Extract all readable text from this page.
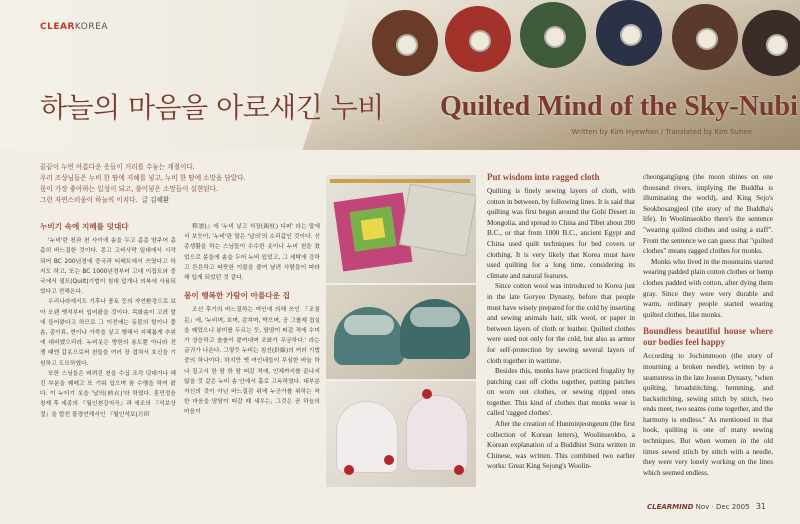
CLEARKOREA
하늘의 마음을 아로새긴 누비 Quilted Mind of the Sky-Nubi
Written by Kim Hyewhan / Translated by Kim Suhee
끝끝이 누빈 아름다운 옷들이 거리를 수놓는 계절이다.
우리 조상님들은 누비 한 땀에 지혜를 넣고, 누비 한 땀에 소망을 담았다.
몸이 가장 좋아하는 입성이 되고, 불어넣은 소망들이 실현된다.
그런 자연스러움이 하늘의 이치다. 글 김혜환
누비기 속에 지혜를 덧대다

'누비'란 천과 천 사이에 솜을 두고 촘촘 땀주어 촘촘히 바느질한 것이다. 몽고 고비사막 일대에서 시작되어 BC 200년경에 중국과 티베트에서 쓰였다고 하지도 하고, 또는 BC 1000년경부터 고대 이집트와 중국에서 퀼트(Quilt)기법이 침대 덮개나 의복에 사용되었다고 전해온다.

우리나라에서도 기후나 풍토 등의 자연환경으로 보아 오랜 옛적부터 입어왔을 것이다. 목화솜이 고려 말에 들어왔다고 하므로 그 이전에는 동물의 털이나 풀솜, 종이류, 현이나 가죽을 넣고 행해서 지혜롭게 추위에 대비했으리라. 누비옷은 방한의 용도뿐 아니라 전쟁 때엔 갑옷으로써 천들을 여러 장 겹쳐서 호신을 기원하고 도모하였다.

또한 스님들은 벼려진 천을 수십 조각 덧대거나 헤진 부분을 꿰매고 또 기워 입으며 참 수행을 하여 왔다. 이 누더기 옷을 '납의(衲衣)'라 하였다. 훈민정음 창제 후 세종의 『월인천강지곡』과 세조의 『석보상절』을 합친 불경언해서인 『월인석보(月印

釋譜)』에 '누비 넣고 석장(錫杖) 디퍼' 라는 말에서 보듯이, '누비'란 말은 '납의'의 소리값인 것이다. 선종생활을 하는 스님들이 수수한 옷이나 누비 천을 켰었으로 몸들에 솜을 두어 누비 입었고, 그 세탁에 강하고 튼튼하고 따뜻한 이불을 줄여 날려 사람들이 따라 해 입게 되었던 것 같다.

몸이 행복한 가람이 아름다운 집

조선 후기의 바느질하는 여인에 의해 쓰인 『조침문』에, '누비며, 호며, 감치며, 박으며, 공 그를제 겹실을 꿰었으니 봉미를 두르는 듯, 땀땀이 떠갈 적에 수미가 상응하고 솔솔이 붙여내며 조화가 무궁하다.' 라는 글귀가 나온다. 그렇듯 누비는 침선(針線)의 여러 기법 중의 하나이다. 하지만 옛 여인네들이 무심한 바늘 하나 짚고서 한 땀 한 땀 떠갈 적에, 인체까지를 끝나지 않을 것 같은 누비 솜 안에서 홀로 고독하였다. 대부분 자신의 것이 아닌 바느질감 위에 누군가를 위하는 착한 마음을 땀땀이 떠갈 때 세우는, 그것은 곧 하늘의 마음이

Put wisdom into ragged cloth

Quilting is finely sewing layers of cloth, with cotton in between, by following lines. It is said that quilting was first begun around the Gobi Desert in Mongolia, and spread to China and Tibet about 200 B.C., or that from 1000 B.C., ancient Egypt and China used quilt techniques for bed covers or clothing. It is very likely that Korea must have used quilting for a long time, considering its climate and natural features.

Since cotton wool was introduced to Korea just in the late Goryeo Dynasty, before that people must have wisely prepared for the cold by inserting and sewing animals hair, silk wool, or paper in between layers of cloth or leather. Quilted clothes were used not only for the cold, but also as armor for self-protection by sewing several layers of cloth together in wartime.

Besides this, monks have practiced frugality by patching cast off cloths together, putting patches on worn out clothes, or sewing ripped ones together. This kind of clothes that monks wear is called 'ragged clothes'.

After the creation of Hunminjeongeum (the first collection of Korean letters), Woolinseokbo, a Korean explanation of a Buddhist Sutra written in Chinese, was written. This combined two earlier works: Great King Sejong's Woolin-

cheongangjigog (the moon shines on one thousand rivers, implying the Buddha is illuminating the world), and King Sejo's Seokbosangjeol (the story of the Buddha's life). In Woolinseokbo there's the sentence "wearing quilted clothes and using a staff". From the sentence we can guess that "quilted clothes" means ragged clothes for monks.

Monks who lived in the mountains started wearing padded plain cotton clothes or hemp clothes padded with cotton, after dying them gray. Since they were very durable and warm, ordinary people started wearing quilted clothes, like monks.

Boundless beautiful house where our bodies feel happy

According to Jochimmoon (the story of mourning a broken needle), written by a seamstress in the late Joseon Dynasty, "when quilting, broadstitching, hemming, and backstitching, sewing stitch by stitch, two ends meet, two seams come together, and the harmony is endless." As mentioned in that book, quilting is one of many sewing techniques. But when women in the old times sewed stitch by stitch with a needle, they were very lonely working on the lines which seemed endless.

CLEARMIND Nov · Dec 2005 31
